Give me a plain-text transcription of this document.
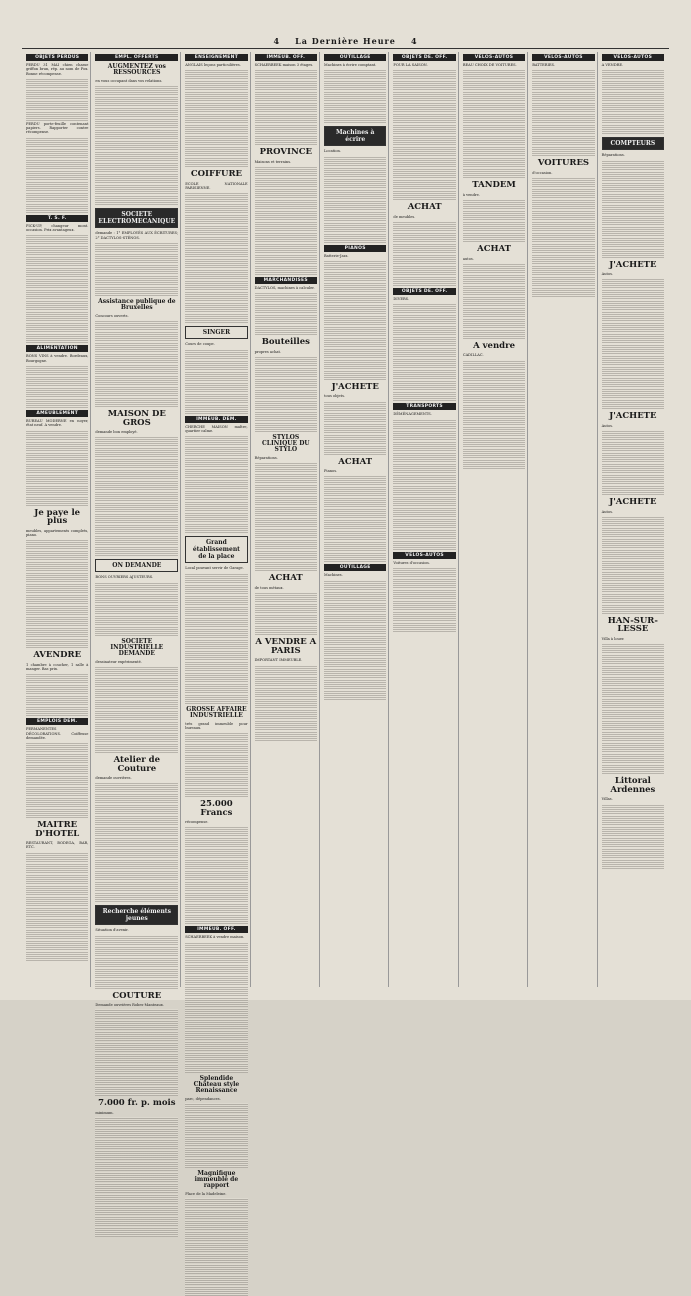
4 La Dernière Heure 4
OBJETS PERDUS
PERDU 31 MAI chien chasse griffon brun, rép. au nom de Fox. Bonne récompense.
PERDU porte-feuille contenant papiers. Rapporter contre récompense.
T. S. F.
PICK-UP, changeur mont. occasion. Prix avantageux.
ALIMENTATION
BONS VINS à vendre. Bordeaux, Bourgogne.
AMEUBLEMENT
BUREAU MODERNE en noyer, état neuf. A vendre.
Je paye le plus
meubles, appartements complets, piano.
AVENDRE
1 chambre à coucher, 1 salle à manger. Bas prix.
EMPLOIS DEM.
PERMANENTES DÉCOLORATIONS. Coiffeuse demandée.
MAITRE D'HOTEL
RESTAURANT, BODEGA, BAR, ETC.
EMPL. OFFERTS
AUGMENTEZ vos RESSOURCES
en vous occupant dans vos relations.
SOCIETE ELECTROMECANIQUE
demande : 1° EMPLOYÉS AUX ÉCRITURES; 2° DACTYLOS-STÉNOS.
Assistance publique de Bruxelles
Concours ouverts.
MAISON DE GROS
demande bon employé.
ON DEMANDE
BONS OUVRIERS AJUSTEURS.
SOCIETE INDUSTRIELLE DEMANDE
dessinateur expérimenté.
Atelier de Couture
demande ouvrières.
Recherche éléments jeunes
Situation d'avenir.
COUTURE
Demande ouvrières Robes-Manteaux.
7.000 fr. p. mois
minimum.
ENSEIGNEMENT
ANGLAIS leçons particulières.
COIFFURE
ECOLE NATIONALE PARISIENNE.
SINGER
Cours de coupe.
IMMEUB. DEM.
CHERCHE MAISON maître, quartier calme.
Grand établissement de la place
Local pouvant servir de Garage.
GROSSE AFFAIRE INDUSTRIELLE
très grand immeuble pour bureaux.
25.000 Francs
récompense.
IMMEUB. OFF.
SCHAERBEEK à vendre maison.
Splendide Château style Renaissance
parc, dépendances.
Magnifique immeuble de rapport
Place de la Madeleine.
IMMEUB. OFF.
SCHAERBEEK maison 3 étages.
PROVINCE
Maisons et terrains.
MARCHANDISES
DACTYLOS, machines à calculer.
Bouteilles
propres achat.
STYLOS CLINIQUE DU STYLO
Réparations.
ACHAT
de tous métaux.
A VENDRE A PARIS
IMPORTANT IMMEUBLE.
OUTILLAGE
Machines à écrire comptant.
Machines à écrire
Location.
PIANOS
Batterie-Jazz.
J'ACHETE
tous objets.
ACHAT
Pianos.
OUTILLAGE
Machines.
OBJETS DE. OFF.
POUR LA SAISON.
ACHAT
de meubles.
OBJETS DE. OFF.
DIVERS.
TRANSPORTS
DÉMÉNAGEMENTS.
VELOS-AUTOS
Voitures d'occasion.
VELOS-AUTOS
BEAU CHOIX DE VOITURES.
TANDEM
à vendre.
ACHAT
autos.
A vendre
CADILLAC.
VELOS-AUTOS
BATTERIES.
VOITURES
d'occasion.
VELOS-AUTOS
A VENDRE.
COMPTEURS
Réparations.
J'ACHETE
Autos.
J'ACHETE
Autos.
J'ACHETE
Autos.
HAN-SUR-LESSE
Villa à louer.
Littoral Ardennes
Villas.
